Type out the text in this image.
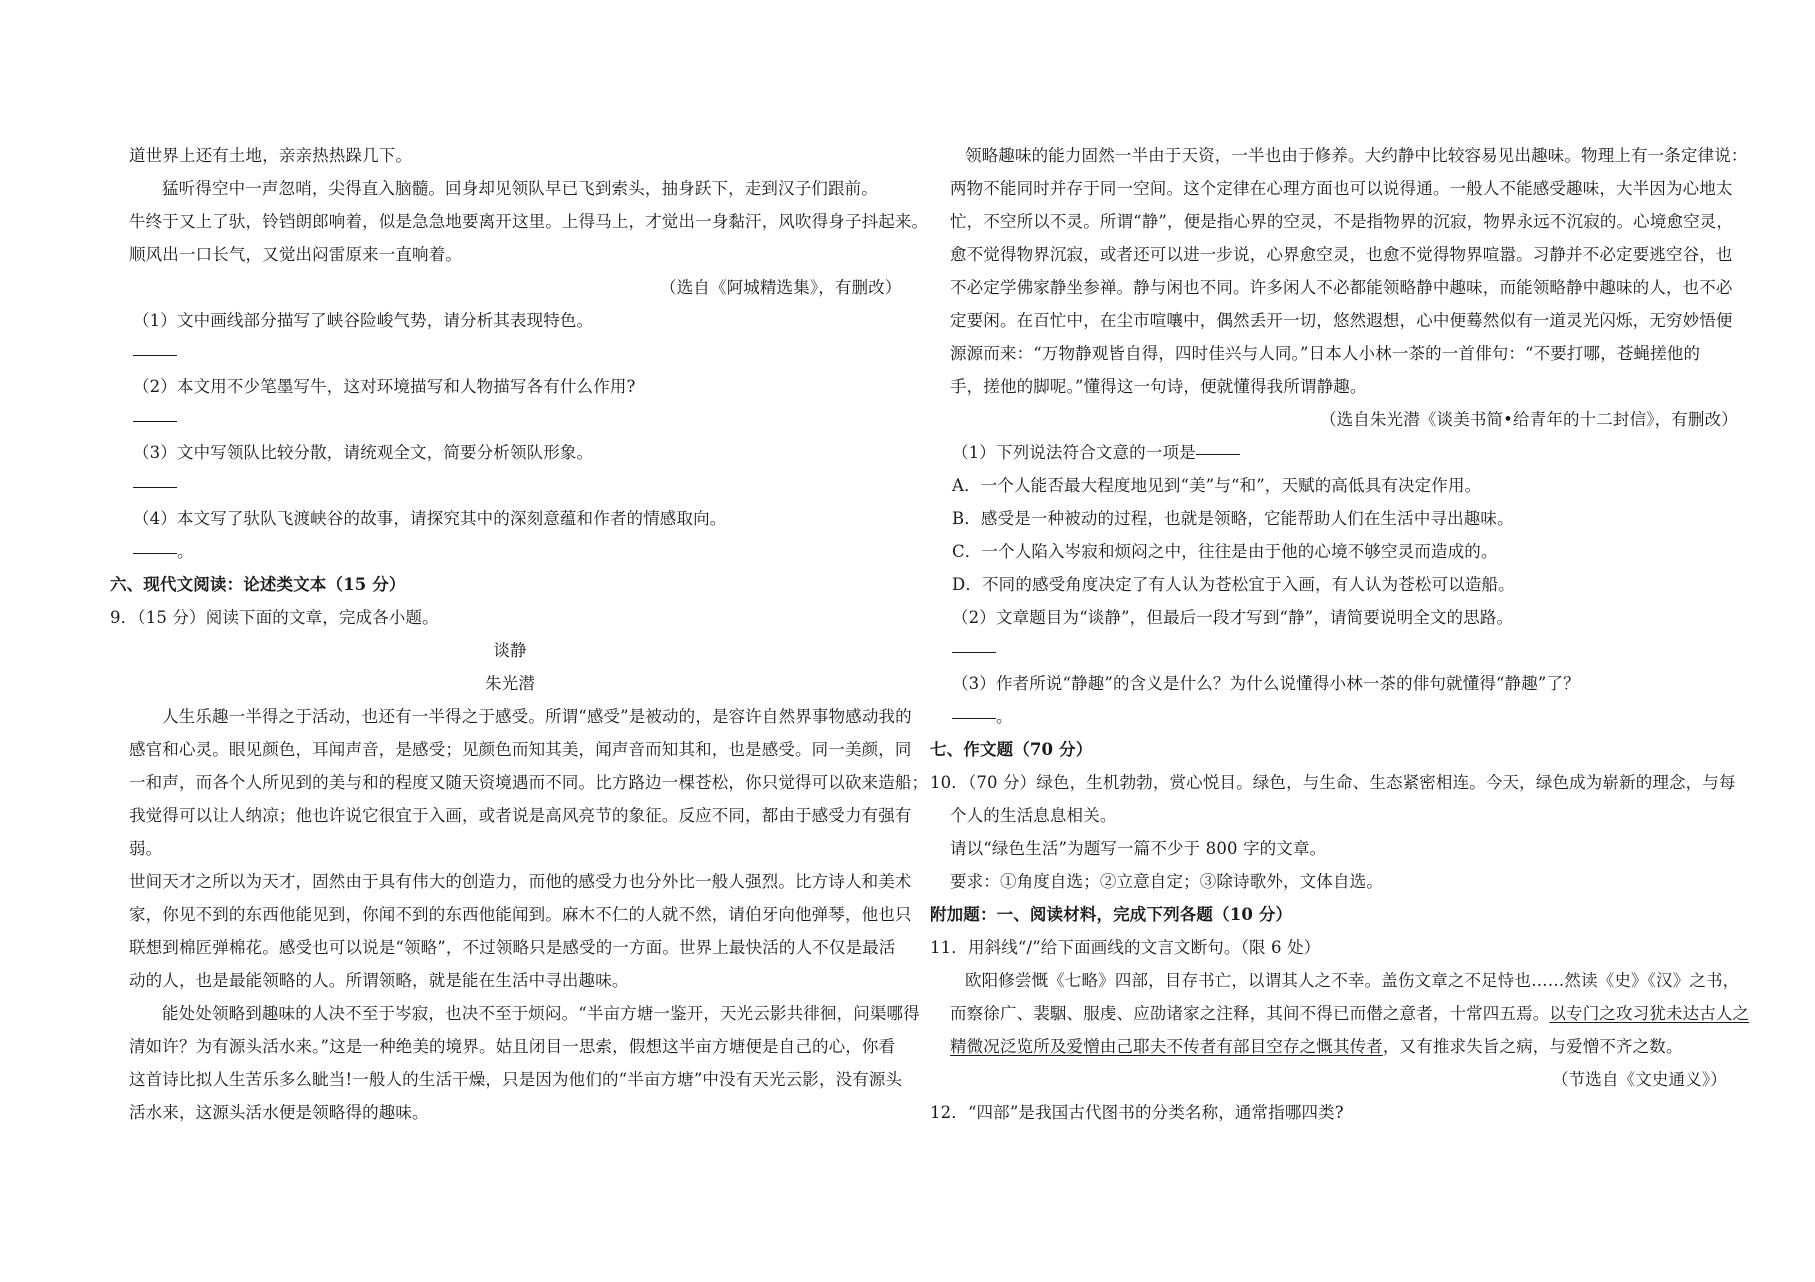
道世界上还有土地，亲亲热热跺几下。
猛听得空中一声忽哨，尖得直入脑髓。回身却见领队早已飞到索头，抽身跃下，走到汉子们跟前。
牛终于又上了驮，铃铛朗郎响着，似是急急地要离开这里。上得马上，才觉出一身黏汗，风吹得身子抖起来。
顺风出一口长气，又觉出闷雷原来一直响着。
（选自《阿城精选集》，有删改）
（1）文中画线部分描写了峡谷险峻气势，请分析其表现特色。
（2）本文用不少笔墨写牛，这对环境描写和人物描写各有什么作用?
（3）文中写领队比较分散，请统观全文，简要分析领队形象。
（4）本文写了驮队飞渡峡谷的故事，请探究其中的深刻意蕴和作者的情感取向。
。
六、现代文阅读：论述类文本（15 分）
9．（15 分）阅读下面的文章，完成各小题。
谈静
朱光潜
人生乐趣一半得之于活动，也还有一半得之于感受。所谓“感受”是被动的，是容许自然界事物感动我的
感官和心灵。眼见颜色，耳闻声音，是感受；见颜色而知其美，闻声音而知其和，也是感受。同一美颜，同
一和声，而各个人所见到的美与和的程度又随天资境遇而不同。比方路边一棵苍松，你只觉得可以砍来造船；
我觉得可以让人纳凉；他也许说它很宜于入画，或者说是高风亮节的象征。反应不同，都由于感受力有强有
弱。
世间天才之所以为天才，固然由于具有伟大的创造力，而他的感受力也分外比一般人强烈。比方诗人和美术
家，你见不到的东西他能见到，你闻不到的东西他能闻到。麻木不仁的人就不然，请伯牙向他弹琴，他也只
联想到棉匠弹棉花。感受也可以说是“领略”，不过领略只是感受的一方面。世界上最快活的人不仅是最活
动的人，也是最能领略的人。所谓领略，就是能在生活中寻出趣味。
能处处领略到趣味的人决不至于岑寂，也决不至于烦闷。“半亩方塘一鉴开，天光云影共徘徊，问渠哪得
清如许？为有源头活水来。”这是一种绝美的境界。姑且闭目一思索，假想这半亩方塘便是自己的心，你看
这首诗比拟人生苦乐多么眦当!一般人的生活干燥，只是因为他们的“半亩方塘”中没有天光云影，没有源头
活水来，这源头活水便是领略得的趣味。
领略趣味的能力固然一半由于天资，一半也由于修养。大约静中比较容易见出趣味。物理上有一条定律说：
两物不能同时并存于同一空间。这个定律在心理方面也可以说得通。一般人不能感受趣味，大半因为心地太
忙，不空所以不灵。所谓“静”，便是指心界的空灵，不是指物界的沉寂，物界永远不沉寂的。心境愈空灵，
愈不觉得物界沉寂，或者还可以进一步说，心界愈空灵，也愈不觉得物界喧嚣。习静并不必定要逃空谷，也
不必定学佛家静坐参禅。静与闲也不同。许多闲人不必都能领略静中趣味，而能领略静中趣味的人，也不必
定要闲。在百忙中，在尘市喧嚷中，偶然丢开一切，悠然遐想，心中便蓦然似有一道灵光闪烁，无穷妙悟便
源源而来：“万物静观皆自得，四时佳兴与人同。”日本人小林一茶的一首俳句：“不要打哪，苍蝇搓他的
手，搓他的脚呢。”懂得这一句诗，便就懂得我所谓静趣。
（选自朱光潜《谈美书简•给青年的十二封信》，有删改）
（1）下列说法符合文意的一项是
A．一个人能否最大程度地见到“美”与“和”，天赋的高低具有决定作用。
B．感受是一种被动的过程，也就是领略，它能帮助人们在生活中寻出趣味。
C．一个人陷入岑寂和烦闷之中，往往是由于他的心境不够空灵而造成的。
D．不同的感受角度决定了有人认为苍松宜于入画，有人认为苍松可以造船。
（2）文章题目为“谈静”，但最后一段才写到“静”，请简要说明全文的思路。
（3）作者所说“静趣”的含义是什么？为什么说懂得小林一茶的俳句就懂得“静趣”了？
。
七、作文题（70 分）
10．（70 分）绿色，生机勃勃，赏心悦目。绿色，与生命、生态紧密相连。今天，绿色成为崭新的理念，与每
个人的生活息息相关。
请以“绿色生活”为题写一篇不少于 800 字的文章。
要求：①角度自选；②立意自定；③除诗歌外，文体自选。
附加题：一、阅读材料，完成下列各题（10 分）
11．用斜线“/”给下面画线的文言文断句。（限 6 处）
欧阳修尝慨《七略》四部，目存书亡，以谓其人之不幸。盖伤文章之不足恃也……然读《史》《汉》之书，
而察徐广、裴駰、服虔、应劭诸家之注释，其间不得已而僣之意者，十常四五焉。以专门之攻习犹未达古人之
精微况泛览所及爱憎由己耶夫不传者有部目空存之慨其传者，又有推求失旨之病，与爱憎不齐之数。
（节选自《文史通义》）
12．“四部”是我国古代图书的分类名称，通常指哪四类?
